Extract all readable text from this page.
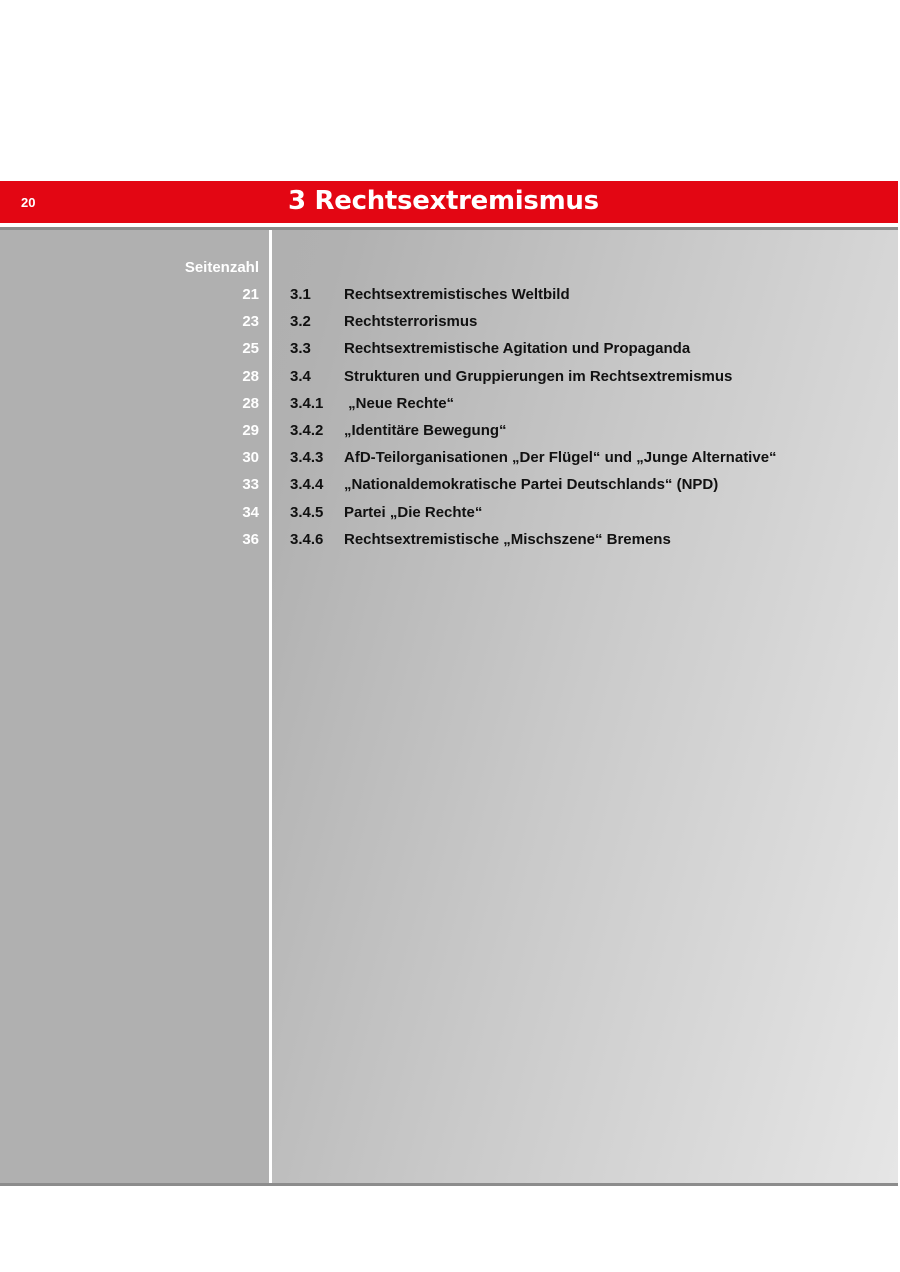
20	3 Rechtsextremismus
Seitenzahl
21 3.1 Rechtsextremistisches Weltbild
23 3.2 Rechtsterrorismus
25 3.3 Rechtsextremistische Agitation und Propaganda
28 3.4 Strukturen und Gruppierungen im Rechtsextremismus
28 3.4.1 „Neue Rechte“
29 3.4.2 „Identitäre Bewegung“
30 3.4.3 AfD-Teilorganisationen „Der Flügel“ und „Junge Alternative“
33 3.4.4 „Nationaldemokratische Partei Deutschlands“ (NPD)
34 3.4.5 Partei „Die Rechte“
36 3.4.6 Rechtsextremistische „Mischszene“ Bremens
